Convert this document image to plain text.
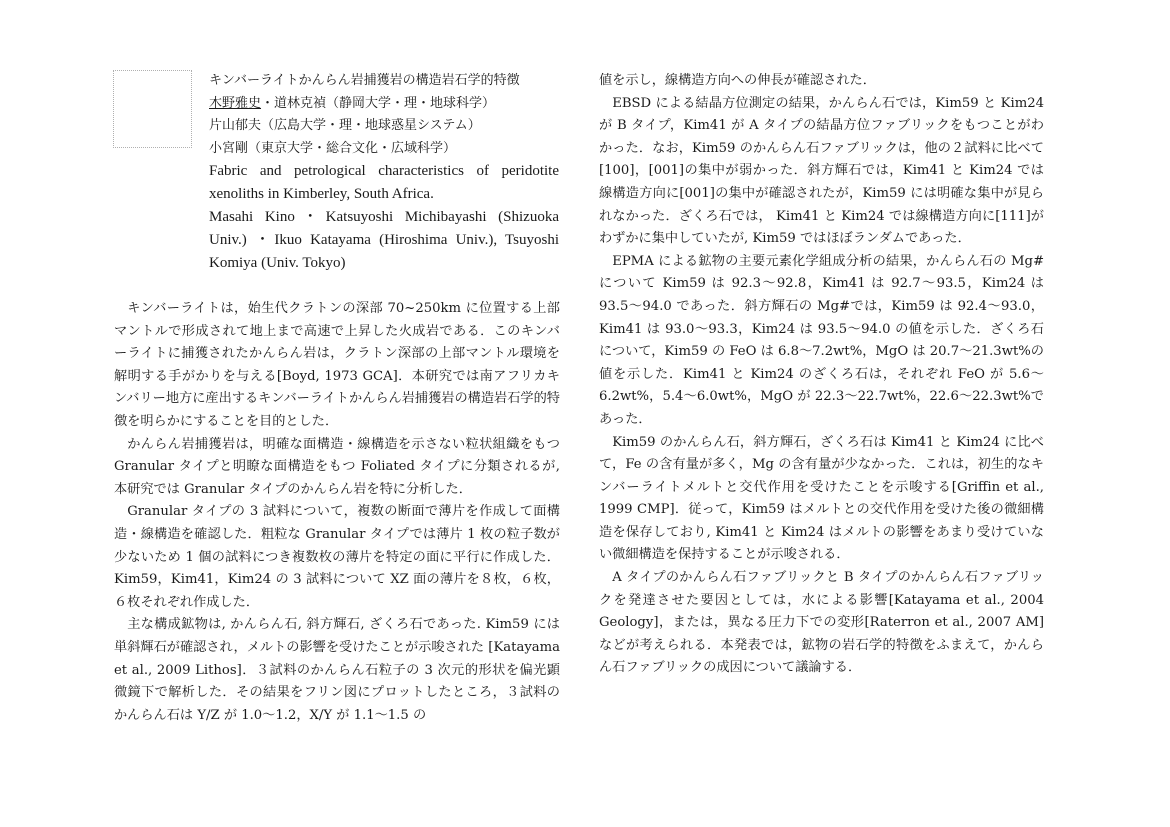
キンバーライトかんらん岩捕獲岩の構造岩石学的特徴
木野雅史・道林克禎（静岡大学・理・地球科学）
片山郁夫（広島大学・理・地球惑星システム）
小宮剛（東京大学・総合文化・広域科学）

Fabric and petrological characteristics of peridotite xenoliths in Kimberley, South Africa.

Masahi Kino・Katsuyoshi Michibayashi (Shizuoka Univ.) ・Ikuo Katayama (Hiroshima Univ.), Tsuyoshi Komiya (Univ. Tokyo)

キンバーライトは，始生代クラトンの深部 70~250km に位置する上部マントルで形成されて地上まで高速で上昇した火成岩である．このキンバーライトに捕獲されたかんらん岩は，クラトン深部の上部マントル環境を解明する手がかりを与える[Boyd, 1973 GCA]．本研究では南アフリカキンバリー地方に産出するキンバーライトかんらん岩捕獲岩の構造岩石学的特徴を明らかにすることを目的とした．

かんらん岩捕獲岩は，明確な面構造・線構造を示さない粒状組織をもつ Granular タイプと明瞭な面構造をもつ Foliated タイプに分類されるが, 本研究では Granular タイプのかんらん岩を特に分析した．

Granular タイプの 3 試料について，複数の断面で薄片を作成して面構造・線構造を確認した．粗粒な Granular タイプでは薄片 1 枚の粒子数が少ないため 1 個の試料につき複数枚の薄片を特定の面に平行に作成した．Kim59，Kim41，Kim24 の 3 試料について XZ 面の薄片を８枚，６枚，６枚それぞれ作成した．

主な構成鉱物は, かんらん石, 斜方輝石, ざくろ石であった. Kim59 には単斜輝石が確認され，メルトの影響を受けたことが示唆された [Katayama et al., 2009 Lithos]．３試料のかんらん石粒子の 3 次元的形状を偏光顕微鏡下で解析した．その結果をフリン図にプロットしたところ，３試料のかんらん石は Y/Z が 1.0〜1.2，X/Y が 1.1〜1.5 の

値を示し，線構造方向への伸長が確認された．

EBSD による結晶方位測定の結果，かんらん石では，Kim59 と Kim24 が B タイプ，Kim41 が A タイプの結晶方位ファブリックをもつことがわかった．なお，Kim59 のかんらん石ファブリックは，他の２試料に比べて[100]，[001]の集中が弱かった．斜方輝石では，Kim41 と Kim24 では線構造方向に[001]の集中が確認されたが，Kim59 には明確な集中が見られなかった．ざくろ石では， Kim41 と Kim24 では線構造方向に[111]がわずかに集中していたが, Kim59 ではほぼランダムであった．

EPMA による鉱物の主要元素化学組成分析の結果，かんらん石の Mg#について Kim59 は 92.3〜92.8，Kim41 は 92.7〜93.5，Kim24 は 93.5〜94.0 であった．斜方輝石の Mg#では，Kim59 は 92.4〜93.0，Kim41 は 93.0〜93.3，Kim24 は 93.5〜94.0 の値を示した．ざくろ石について，Kim59 の FeO は 6.8〜7.2wt%，MgO は 20.7〜21.3wt%の値を示した．Kim41 と Kim24 のざくろ石は，それぞれ FeO が 5.6〜6.2wt%，5.4〜6.0wt%，MgO が 22.3〜22.7wt%，22.6〜22.3wt%であった．

Kim59 のかんらん石，斜方輝石，ざくろ石は Kim41 と Kim24 に比べて，Fe の含有量が多く，Mg の含有量が少なかった．これは，初生的なキンバーライトメルトと交代作用を受けたことを示唆する[Griffin et al., 1999 CMP]．従って，Kim59 はメルトとの交代作用を受けた後の微細構造を保存しており, Kim41 と Kim24 はメルトの影響をあまり受けていない微細構造を保持することが示唆される．

A タイプのかんらん石ファブリックと B タイプのかんらん石ファブリックを発達させた要因としては，水による影響[Katayama et al., 2004 Geology]，または，異なる圧力下での変形[Raterron et al., 2007 AM]などが考えられる．本発表では，鉱物の岩石学的特徴をふまえて，かんらん石ファブリックの成因について議論する．
